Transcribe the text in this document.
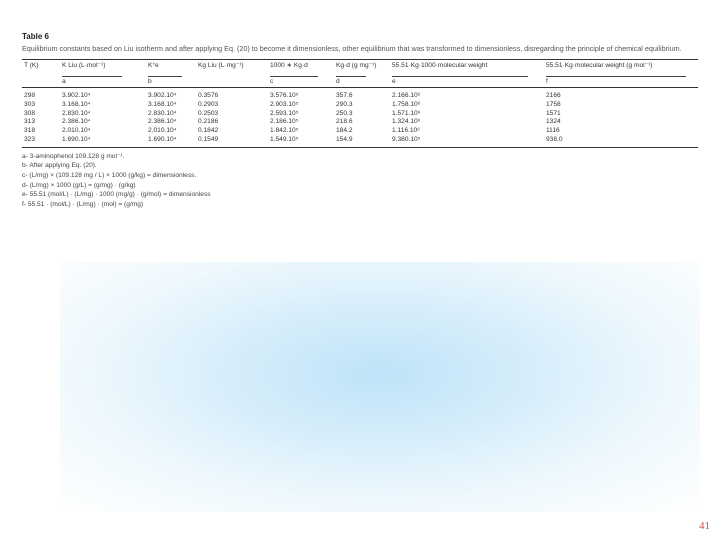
Table 6
Equilibrium constants based on Liu isotherm and after applying Eq. (20) to become it dimensionless, other equilibrium that was transformed to dimensionless, disregarding the principle of chemical equilibrium.
T (K)	K Liu (L·mol⁻¹)	K°e	Kg Liu (L·mg⁻¹)	1000 ∗ Kg·d	Kg·d (g mg⁻¹)	55.51·Kg·1000·molecular weight	55.51·Kg·molecular weight (g mol⁻¹)
	a	b		c	d	e	f
298	3.902.10⁴	3.902.10⁴	0.3576	3.576.10⁵	357.6	2.166.10⁶	2166
303	3.168.10⁴	3.168.10⁴	0.2903	2.903.10⁵	290.3	1.758.10⁶	1758
308	2.830.10⁴	2.830.10⁴	0.2503	2.593.10⁵	250.3	1.571.10⁶	1571
313	2.386.10⁴	2.386.10⁴	0.2186	2.186.10⁵	218.6	1.324.10⁶	1324
318	2.010.10⁴	2.010.10⁴	0.1842	1.842.10⁵	184.2	1.116.10⁶	1116
323	1.690.10⁴	1.690.10⁴	0.1549	1.549.10⁵	154.9	9.380.10⁵	938.0
a- 3-aminophenol 109.128 g mol⁻¹.
b- After applying Eq. (20).
c- (L/mg) × (109.128 mg / L) × 1000 (g/kg) = dimensionless.
d- (L/mg) × 1000 (g/L) = (g/mg) · (g/kg)
e- 55.51 (mol/L) · (L/mg) · 1000 (mg/g) · (g/mol) = dimensionless
f- 55.51 · (mol/L) · (L/mg) · (mol) = (g/mg)
41
